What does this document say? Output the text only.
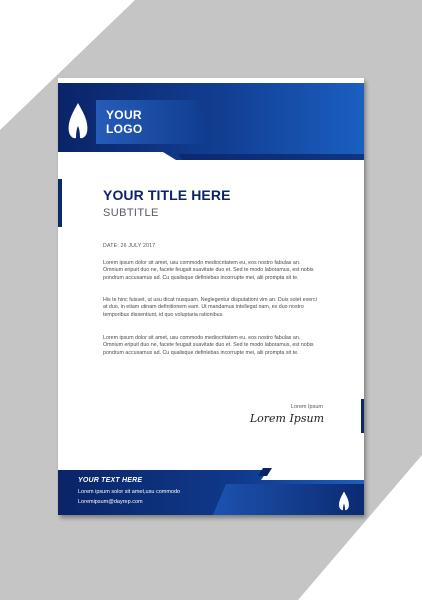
YOUR
LOGO
YOUR TITLE HERE
SUBTITLE
DATE: 26 JULY 2017

Lorem ipsum dolor sit amet, usu commodo mediocritatem eu, eos nostro fabulas an. Omnium eripuit duo ne, facete feugait suavitate duo et. Sed te modo laboramus, est nobis pondrum accusamus ad. Cu qualisque definiebas incorrupte mei, alii prompta sit te.

His te hinc fuisset, ut usu dicat nusquam. Neglegentur disputationi vim an. Duis solet exerci at duo, in etiam utinam definitionem eam. Ut mandamus intellegat nam, ex duo nostro temporibus dissentiunt, id quo voluptaria rationibus.

Lorem ipsum dolor sit amet, usu commodo mediocritatem eu, eos nostro fabulas an. Omnium eripuit duo ne, facete feugait suavitate duo et. Sed te modo laboramus, est nobis pondrum accusamus ad. Cu qualisque definiebas incorrupte mei, alii prompta sit te.

Lorem Ipsum
Lorem Ipsum
YOUR TEXT HERE
Lorem ipsum solor sit amet,usu commodo
Loremipsum@dayrep.com
